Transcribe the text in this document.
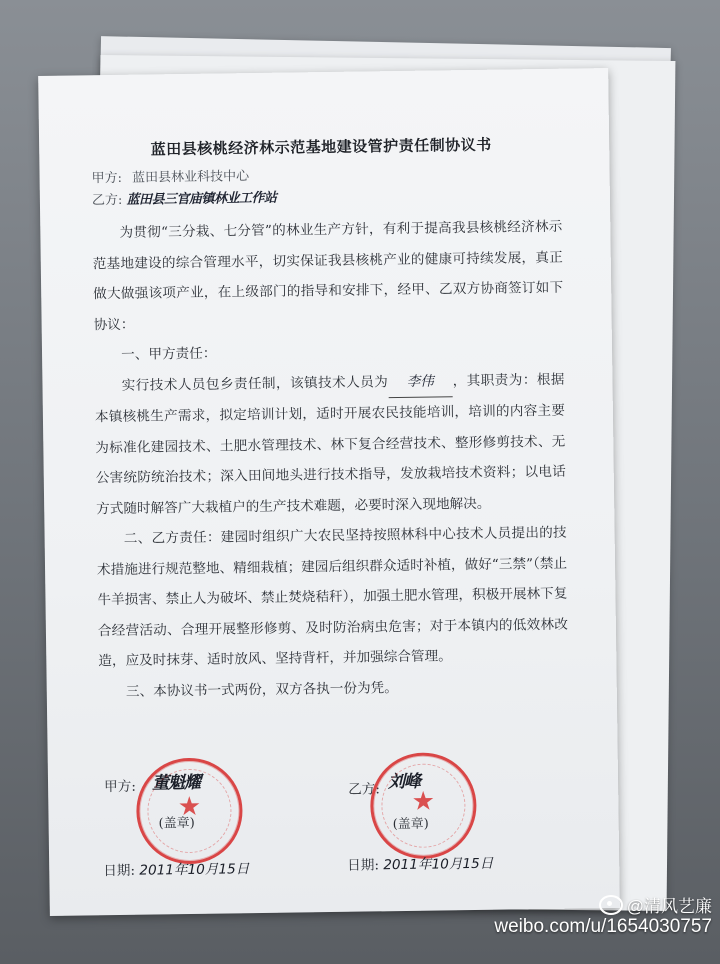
蓝田县核桃经济林示范基地建设管护责任制协议书
甲方: 蓝田县林业科技中心
乙方: 蓝田县三官庙镇林业工作站

为贯彻“三分栽、七分管”的林业生产方针，有利于提高我县核桃经济林示范基地建设的综合管理水平，切实保证我县核桃产业的健康可持续发展，真正做大做强该项产业，在上级部门的指导和安排下，经甲、乙双方协商签订如下协议：

一、甲方责任：

实行技术人员包乡责任制，该镇技术人员为 李伟 ，其职责为：根据本镇核桃生产需求，拟定培训计划，适时开展农民技能培训，培训的内容主要为标准化建园技术、土肥水管理技术、林下复合经营技术、整形修剪技术、无公害统防统治技术；深入田间地头进行技术指导，发放栽培技术资料；以电话方式随时解答广大栽植户的生产技术难题，必要时深入现地解决。

二、乙方责任：建园时组织广大农民坚持按照林科中心技术人员提出的技术措施进行规范整地、精细栽植；建园后组织群众适时补植，做好“三禁”（禁止牛羊损害、禁止人为破坏、禁止焚烧秸秆），加强土肥水管理，积极开展林下复合经营活动、合理开展整形修剪、及时防治病虫危害；对于本镇内的低效林改造，应及时抹芽、适时放风、坚持背杆，并加强综合管理。

三、本协议书一式两份，双方各执一份为凭。

甲方: 董魁耀
★
(盖章)
乙方: 刘峰
★
(盖章)
日期: 2011年10月15日	日期: 2011年10月15日
@清风艺廉
weibo.com/u/1654030757
